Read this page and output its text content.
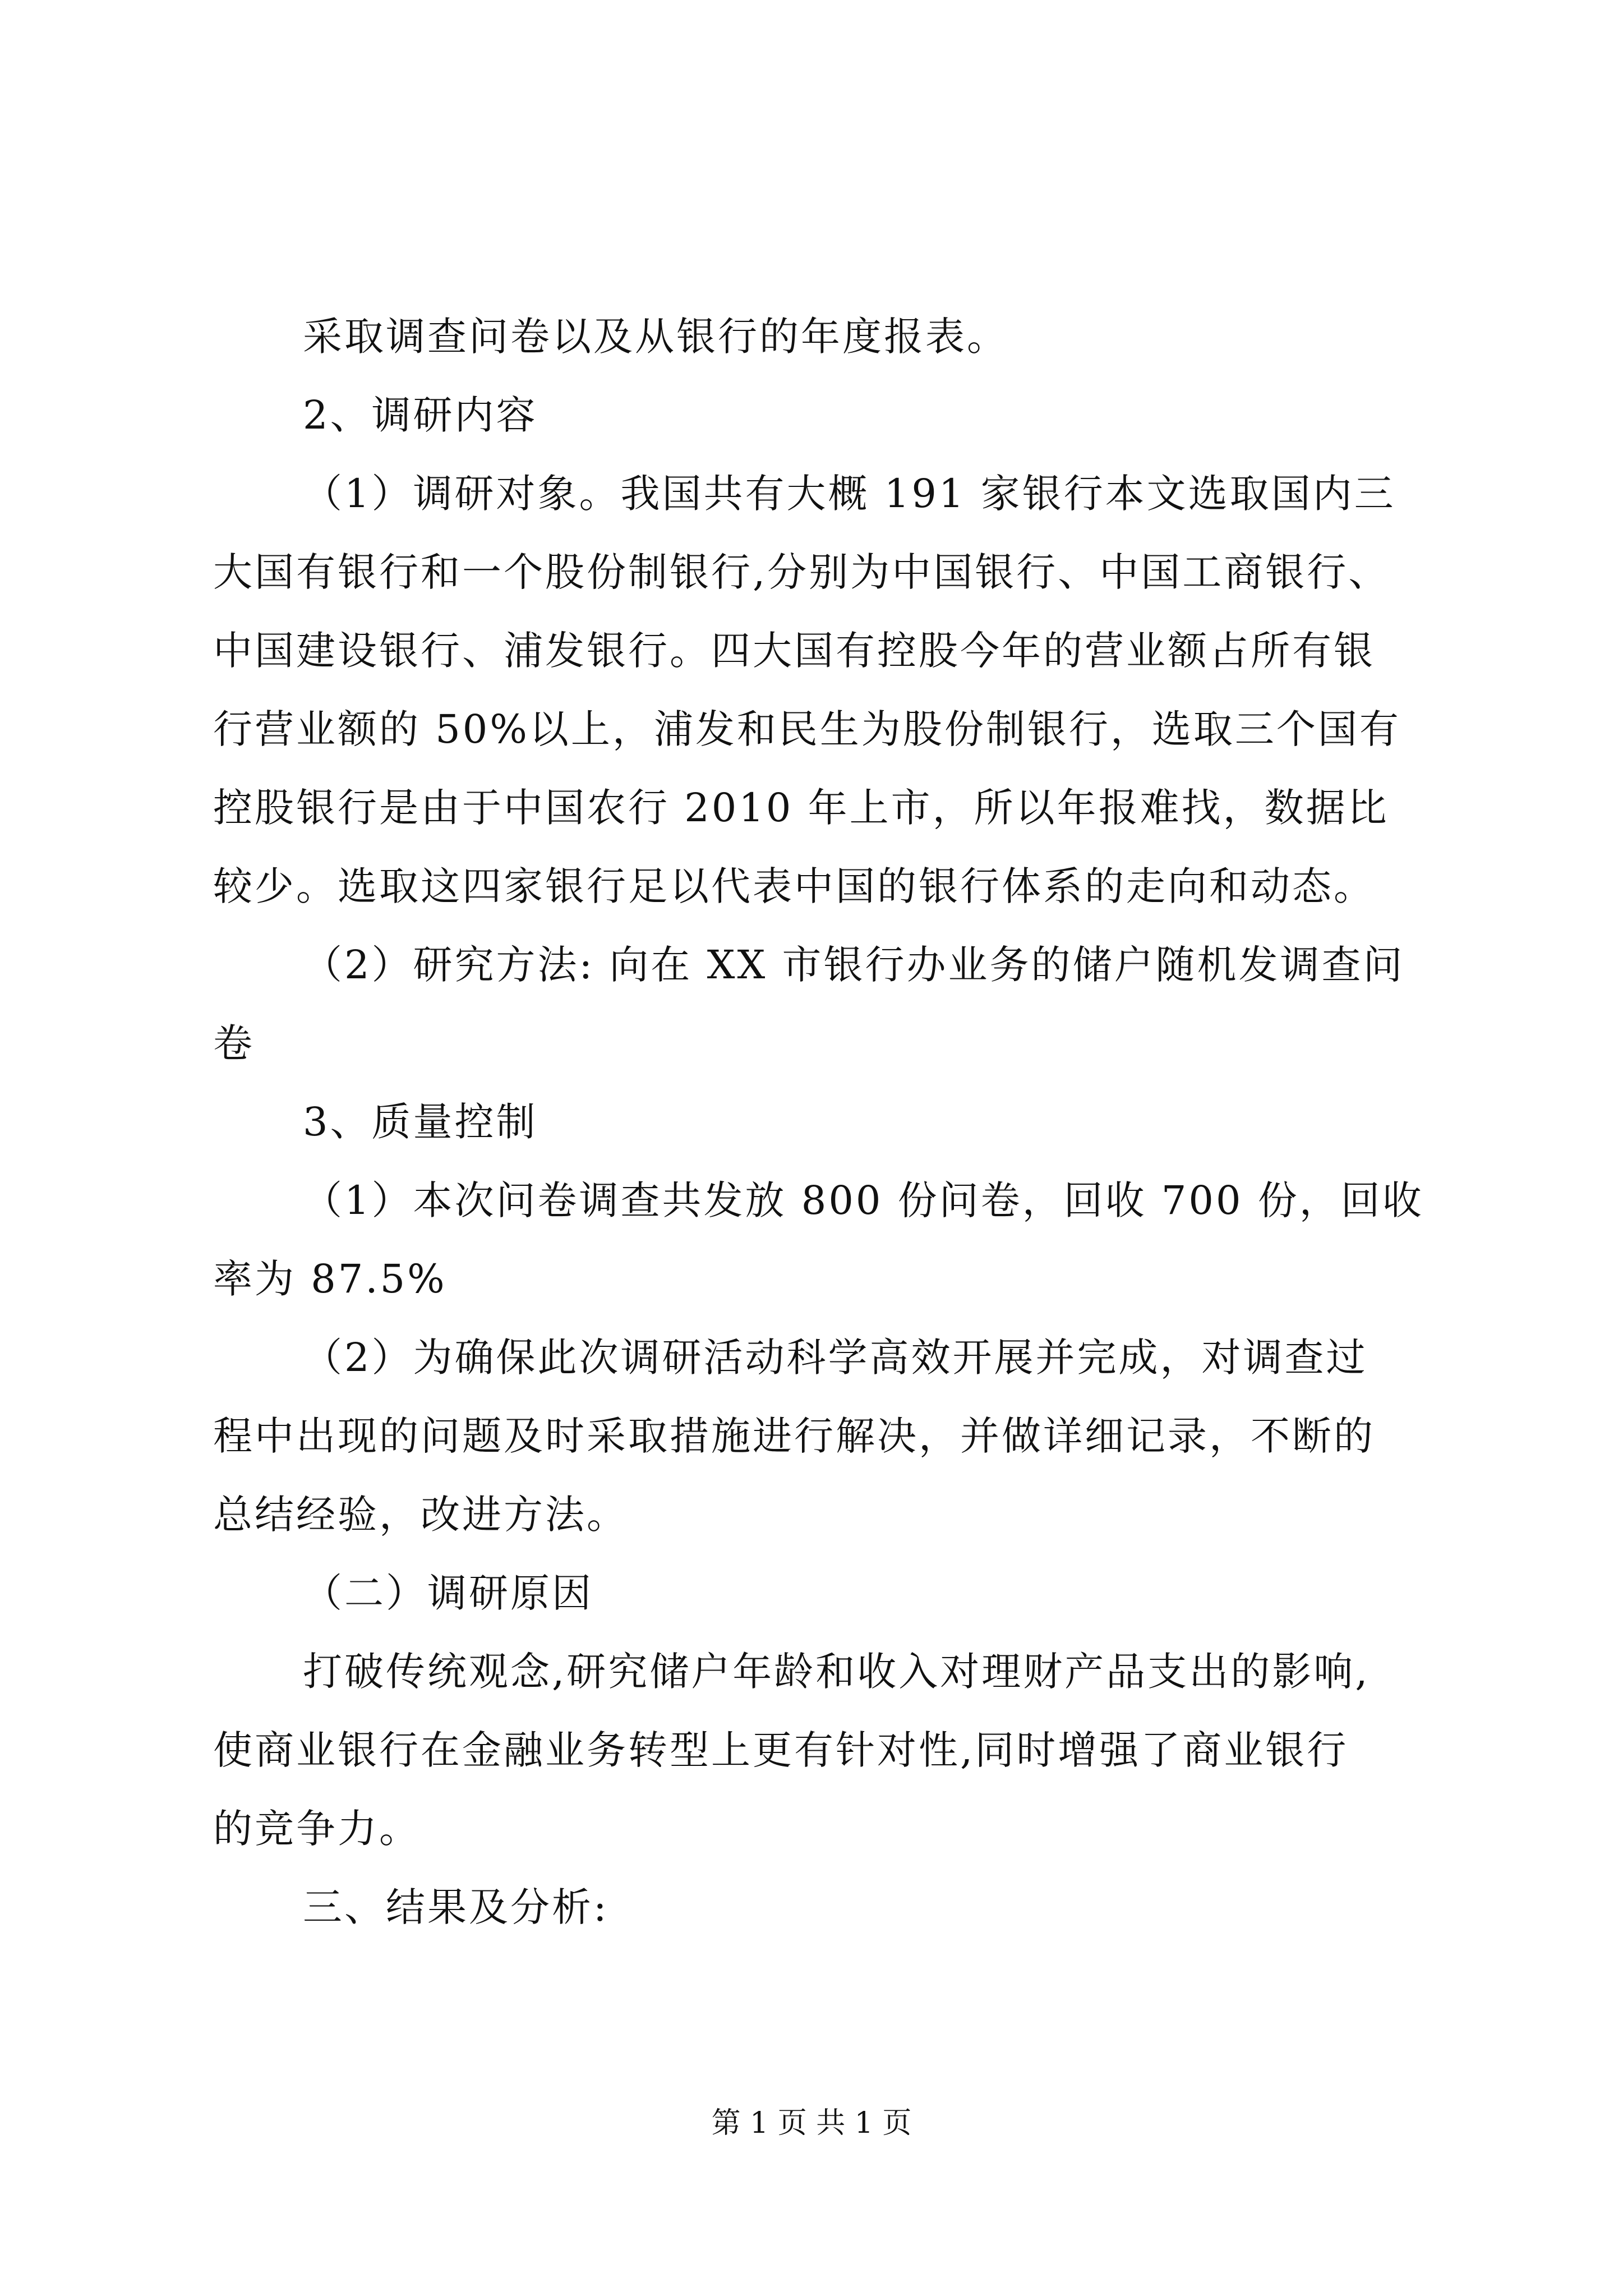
采取调查问卷以及从银行的年度报表。
2、调研内容
（1）调研对象。我国共有大概 191 家银行本文选取国内三
大国有银行和一个股份制银行,分别为中国银行、中国工商银行、
中国建设银行、浦发银行。四大国有控股今年的营业额占所有银
行营业额的 50%以上，浦发和民生为股份制银行，选取三个国有
控股银行是由于中国农行 2010 年上市，所以年报难找，数据比
较少。选取这四家银行足以代表中国的银行体系的走向和动态。
（2）研究方法: 向在 XX 市银行办业务的储户随机发调查问
卷
3、质量控制
（1）本次问卷调查共发放 800 份问卷，回收 700 份，回收
率为 87.5%
（2）为确保此次调研活动科学高效开展并完成，对调查过
程中出现的问题及时采取措施进行解决，并做详细记录，不断的
总结经验，改进方法。
（二）调研原因
打破传统观念,研究储户年龄和收入对理财产品支出的影响,
使商业银行在金融业务转型上更有针对性,同时增强了商业银行
的竞争力。
三、结果及分析:
第 1 页 共 1 页
